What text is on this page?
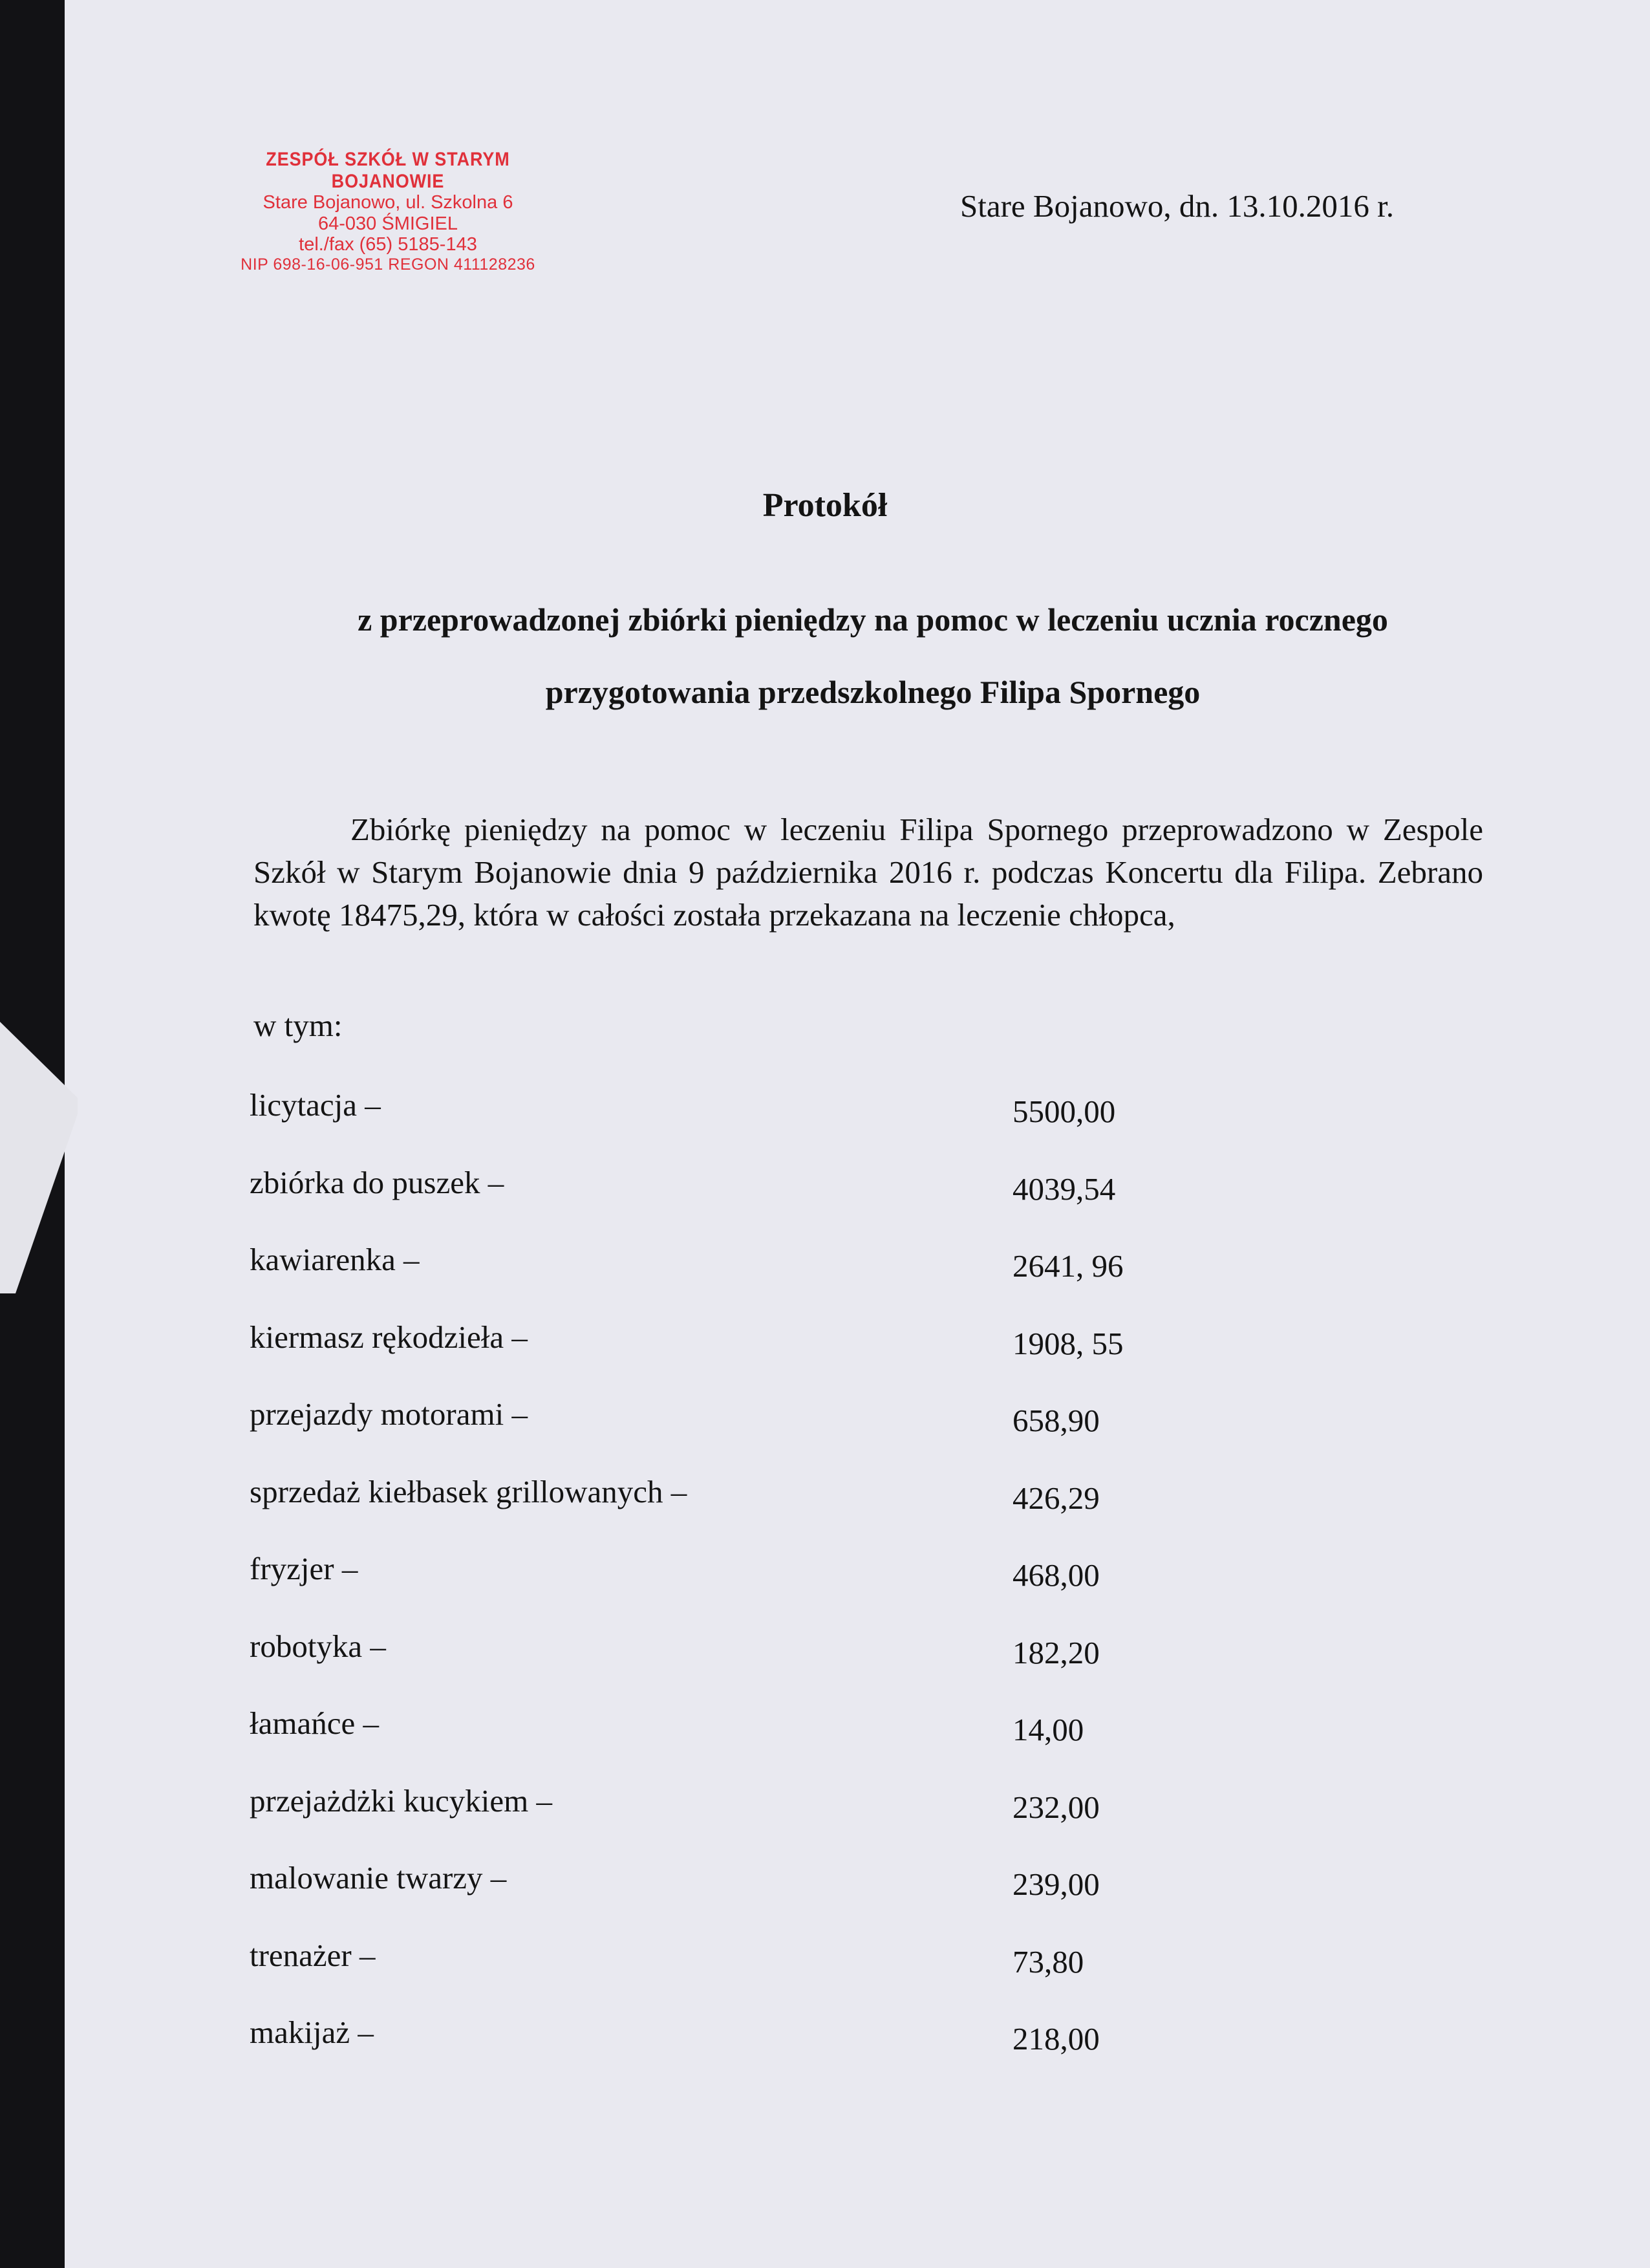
ZESPÓŁ SZKÓŁ W STARYM BOJANOWIE
Stare Bojanowo, ul. Szkolna 6
64-030 ŚMIGIEL
tel./fax (65) 5185-143
NIP 698-16-06-951 REGON 411128236
Stare Bojanowo, dn. 13.10.2016 r.
Protokół
z przeprowadzonej zbiórki pieniędzy na pomoc w leczeniu ucznia rocznego
przygotowania przedszkolnego Filipa Spornego
Zbiórkę pieniędzy na pomoc w leczeniu Filipa Spornego przeprowadzono w Zespole Szkół w Starym Bojanowie dnia 9 października 2016 r. podczas Koncertu dla Filipa. Zebrano kwotę 18475,29, która w całości została przekazana na leczenie chłopca,
w tym:
licytacja –	5500,00
zbiórka do puszek –	4039,54
kawiarenka –	2641, 96
kiermasz rękodzieła –	1908, 55
przejazdy motorami –	658,90
sprzedaż kiełbasek grillowanych –	426,29
fryzjer –	468,00
robotyka –	182,20
łamańce –	14,00
przejażdżki kucykiem –	232,00
malowanie twarzy –	239,00
trenażer –	73,80
makijaż –	218,00
